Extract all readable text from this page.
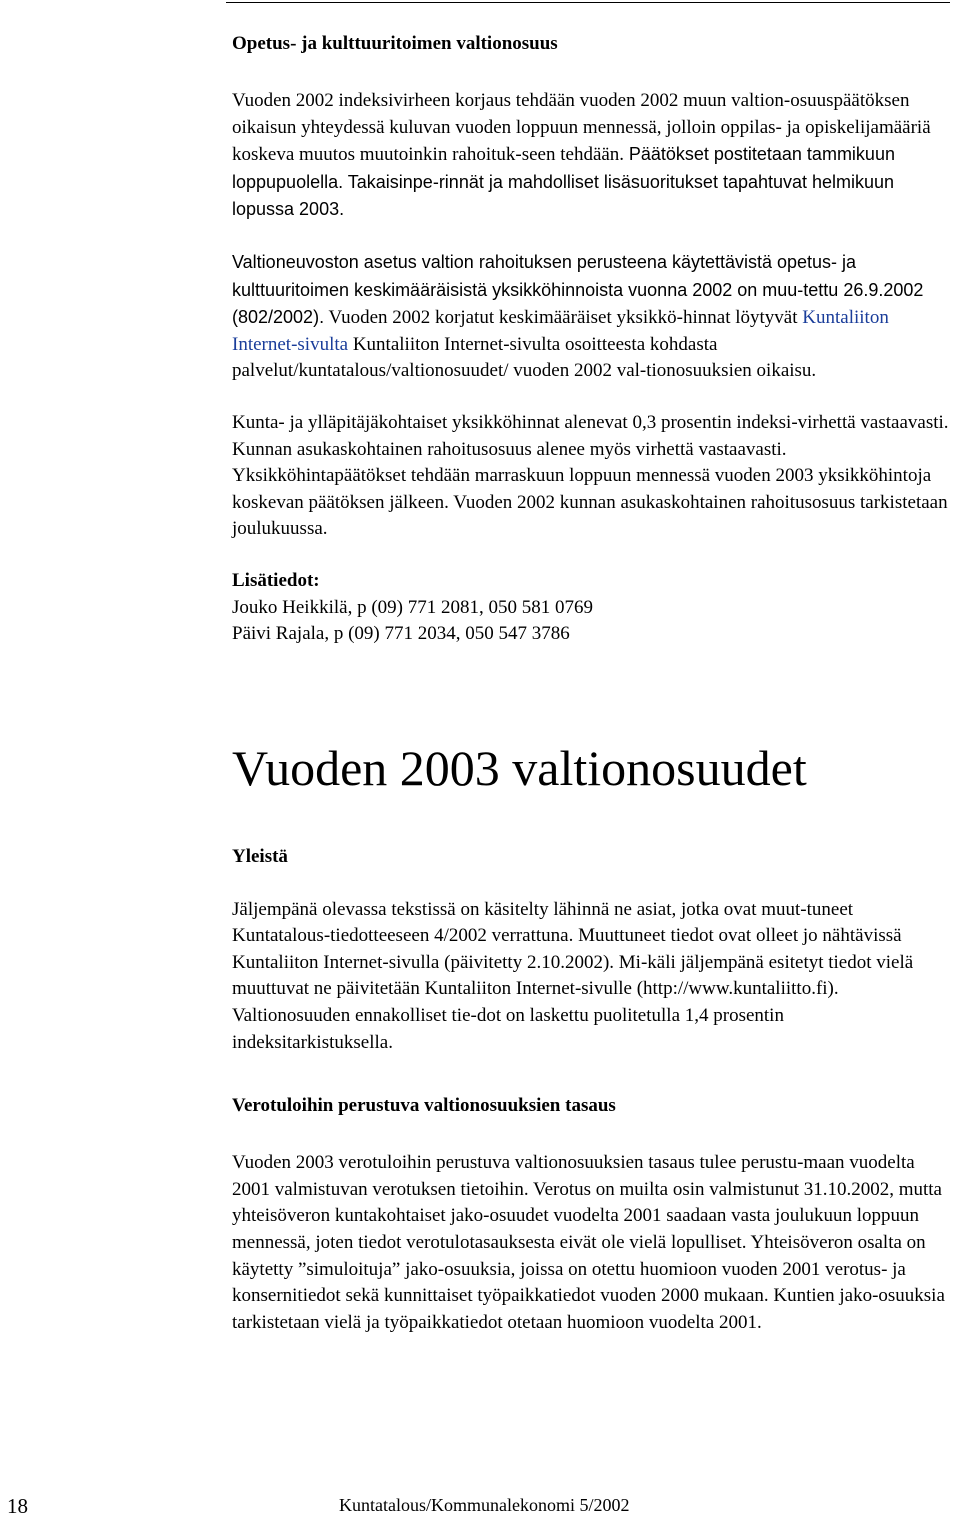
Opetus- ja kulttuuritoimen valtionosuus

Vuoden 2002 indeksivirheen korjaus tehdään vuoden 2002 muun valtion-osuuspäätöksen oikaisun yhteydessä kuluvan vuoden loppuun mennessä, jolloin oppilas- ja opiskelijamääriä koskeva muutos muutoinkin rahoituk-seen tehdään. Päätökset postitetaan tammikuun loppupuolella. Takaisinpe-rinnät ja mahdolliset lisäsuoritukset tapahtuvat helmikuun lopussa 2003.

Valtioneuvoston asetus valtion rahoituksen perusteena käytettävistä opetus- ja kulttuuritoimen keskimääräisistä yksikköhinnoista vuonna 2002 on muu-tettu 26.9.2002 (802/2002). Vuoden 2002 korjatut keskimääräiset yksikkö-hinnat löytyvät Kuntaliiton Internet-sivulta Kuntaliiton Internet-sivulta osoitteesta kohdasta palvelut/kuntatalous/valtionosuudet/ vuoden 2002 val-tionosuuksien oikaisu.

Kunta- ja ylläpitäjäkohtaiset yksikköhinnat alenevat 0,3 prosentin indeksi-virhettä vastaavasti. Kunnan asukaskohtainen rahoitusosuus alenee myös virhettä vastaavasti. Yksikköhintapäätökset tehdään marraskuun loppuun mennessä vuoden 2003 yksikköhintoja koskevan päätöksen jälkeen. Vuoden 2002 kunnan asukaskohtainen rahoitusosuus tarkistetaan joulukuussa.

Lisätiedot:

Jouko Heikkilä, p (09) 771 2081, 050 581 0769

Päivi Rajala, p (09) 771 2034, 050 547 3786

Vuoden 2003 valtionosuudet
Yleistä

Jäljempänä olevassa tekstissä on käsitelty lähinnä ne asiat, jotka ovat muut-tuneet Kuntatalous-tiedotteeseen 4/2002 verrattuna. Muuttuneet tiedot ovat olleet jo nähtävissä Kuntaliiton Internet-sivulla (päivitetty 2.10.2002). Mi-käli jäljempänä esitetyt tiedot vielä muuttuvat ne päivitetään Kuntaliiton Internet-sivulle (http://www.kuntaliitto.fi). Valtionosuuden ennakolliset tie-dot on laskettu puolitetulla 1,4 prosentin indeksitarkistuksella.

Verotuloihin perustuva valtionosuuksien tasaus

Vuoden 2003 verotuloihin perustuva valtionosuuksien tasaus tulee perustu-maan vuodelta 2001 valmistuvan verotuksen tietoihin. Verotus on muilta osin valmistunut 31.10.2002, mutta yhteisöveron kuntakohtaiset jako-osuudet vuodelta 2001 saadaan vasta joulukuun loppuun mennessä, joten tiedot verotulotasauksesta eivät ole vielä lopulliset. Yhteisöveron osalta on käytetty ”simuloituja” jako-osuuksia, joissa on otettu huomioon vuoden 2001 verotus- ja konsernitiedot sekä kunnittaiset työpaikkatiedot vuoden 2000 mukaan. Kuntien jako-osuuksia tarkistetaan vielä ja työpaikkatiedot otetaan huomioon vuodelta 2001.

18	Kuntatalous/Kommunalekonomi 5/2002
